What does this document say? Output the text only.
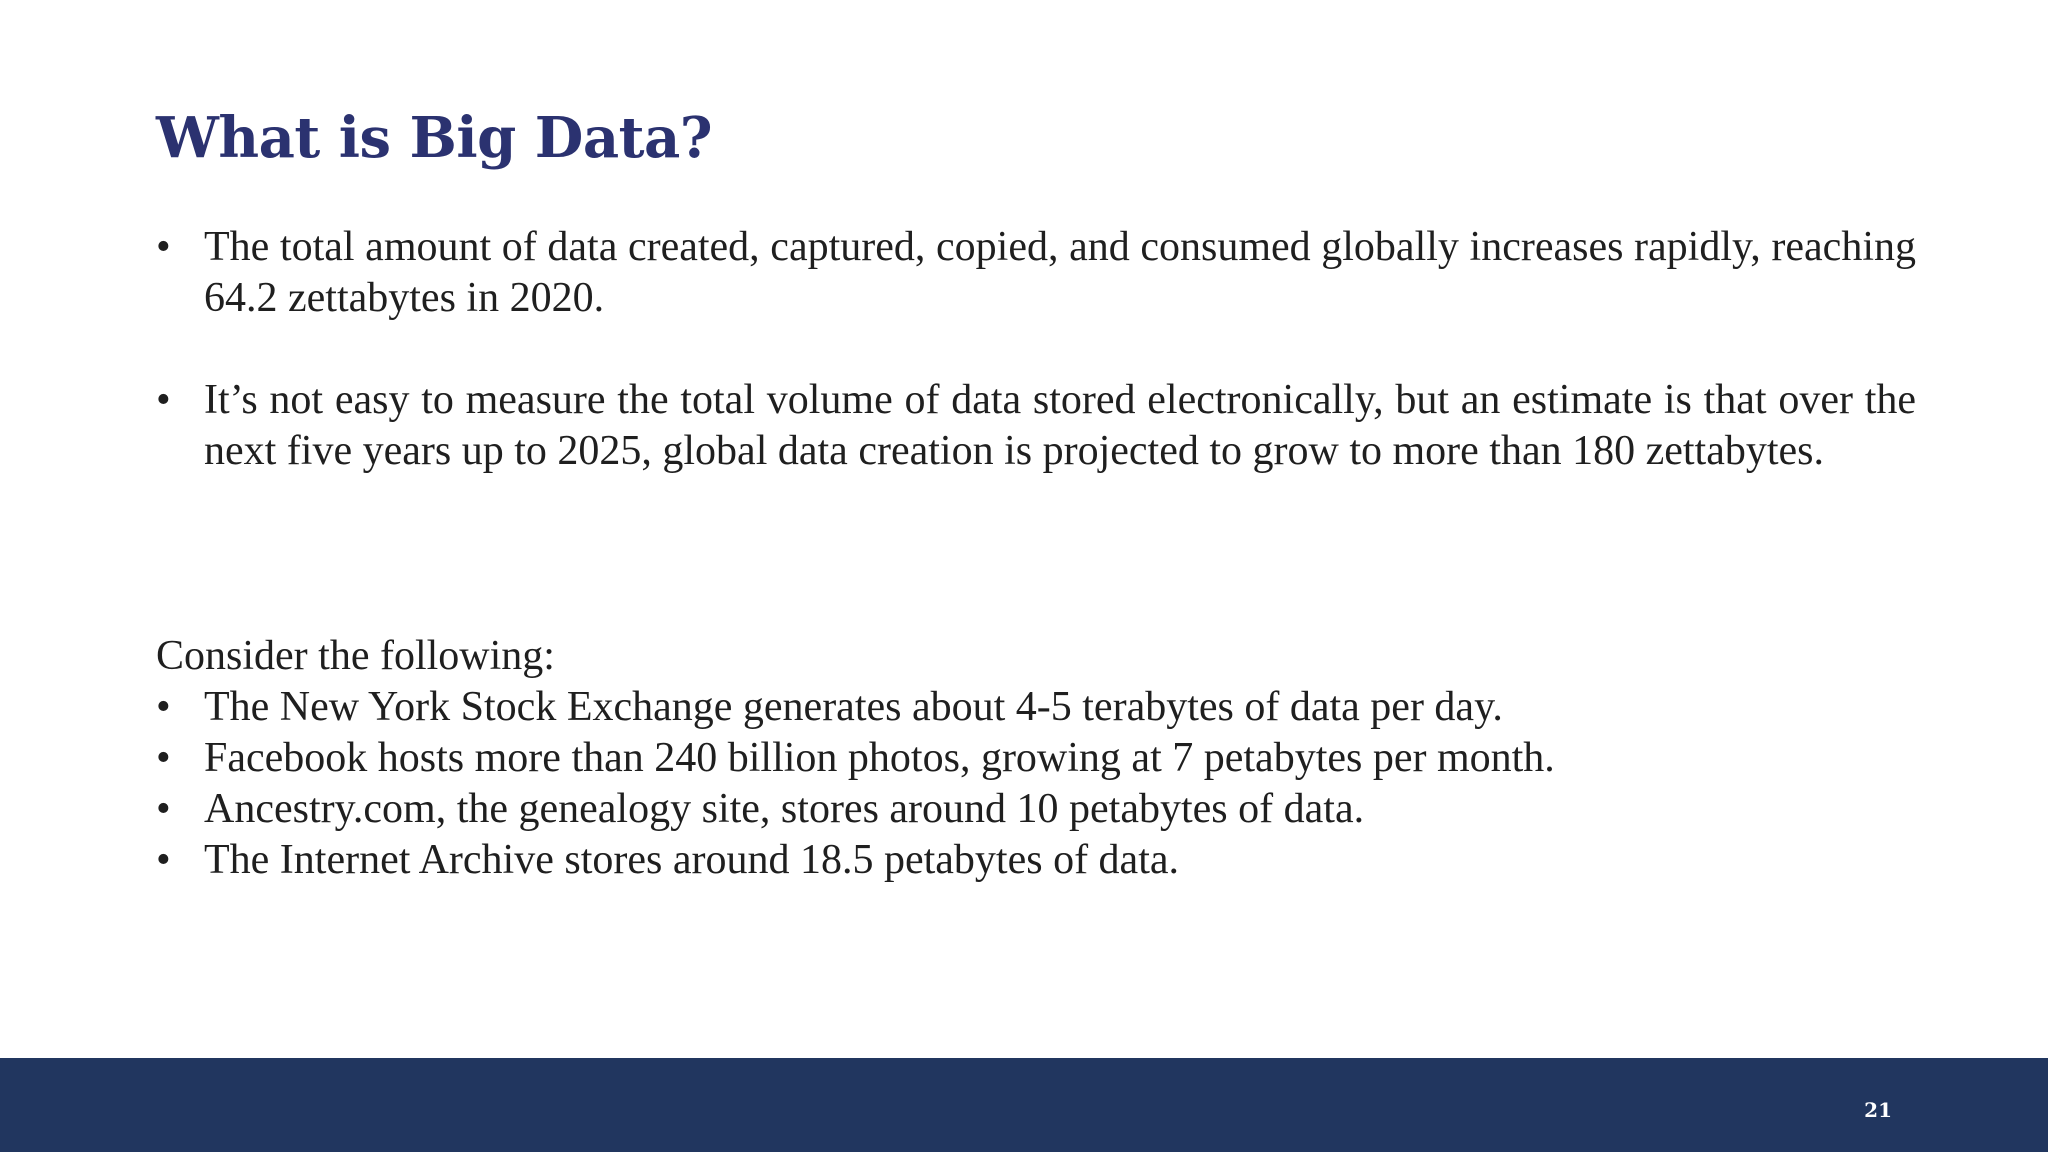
What is Big Data?
• The total amount of data created, captured, copied, and consumed globally increases rapidly, reaching 64.2 zettabytes in 2020.
• It’s not easy to measure the total volume of data stored electronically, but an estimate is that over the next five years up to 2025, global data creation is projected to grow to more than 180 zettabytes.

Consider the following:

• The New York Stock Exchange generates about 4-5 terabytes of data per day.
• Facebook hosts more than 240 billion photos, growing at 7 petabytes per month.
• Ancestry.com, the genealogy site, stores around 10 petabytes of data.
• The Internet Archive stores around 18.5 petabytes of data.
21
